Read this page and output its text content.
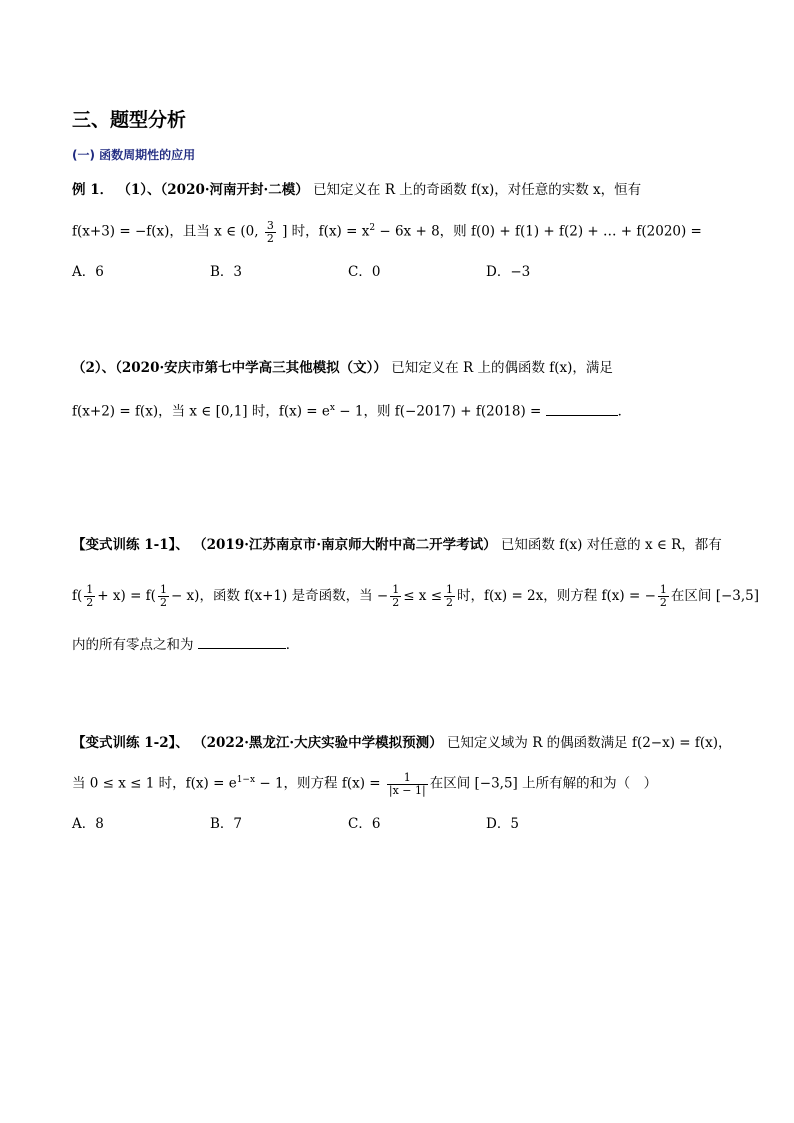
三、题型分析
(一) 函数周期性的应用
例 1． （1）、（2020·河南开封·二模） 已知定义在 R 上的奇函数 f(x)，对任意的实数 x，恒有
f(x+3) = −f(x)，且当 x ∈ (0, $\frac{3}{2}$ ] 时，$f(x) = x^2 - 6x + 8$，则 f(0) + f(1) + f(2) + … + f(2020) =
A．6	B．3	C．0	D．−3
（2）、（2020·安庆市第七中学高三其他模拟（文）） 已知定义在 R 上的偶函数 f(x)，满足
f(x+2) = f(x)，当 x ∈ [0,1] 时，$f(x) = e^x - 1$，则 f(−2017) + f(2018) =	．
【变式训练 1-1】、 （2019·江苏南京市·南京师大附中高二开学考试） 已知函数 f(x) 对任意的 x ∈ R，都有
$f( \frac{1}{2} + x) = f( \frac{1}{2} - x)$，函数 f(x+1) 是奇函数，当 − $\frac{1}{2} \le x \le \frac{1}{2}$ 时，f(x) = 2x，则方程 f(x) = − $\frac{1}{2}$ 在区间 [−3,5]
内的所有零点之和为	．
【变式训练 1-2】、 （2022·黑龙江·大庆实验中学模拟预测） 已知定义域为 R 的偶函数满足 f(2−x) = f(x)，
当 0 ≤ x ≤ 1 时，$f(x) = e^{1-x} - 1$，则方程 $f(x) = \frac{1}{|x - 1|}$ 在区间 [−3,5] 上所有解的和为（　）
A．8	B．7	C．6	D．5
